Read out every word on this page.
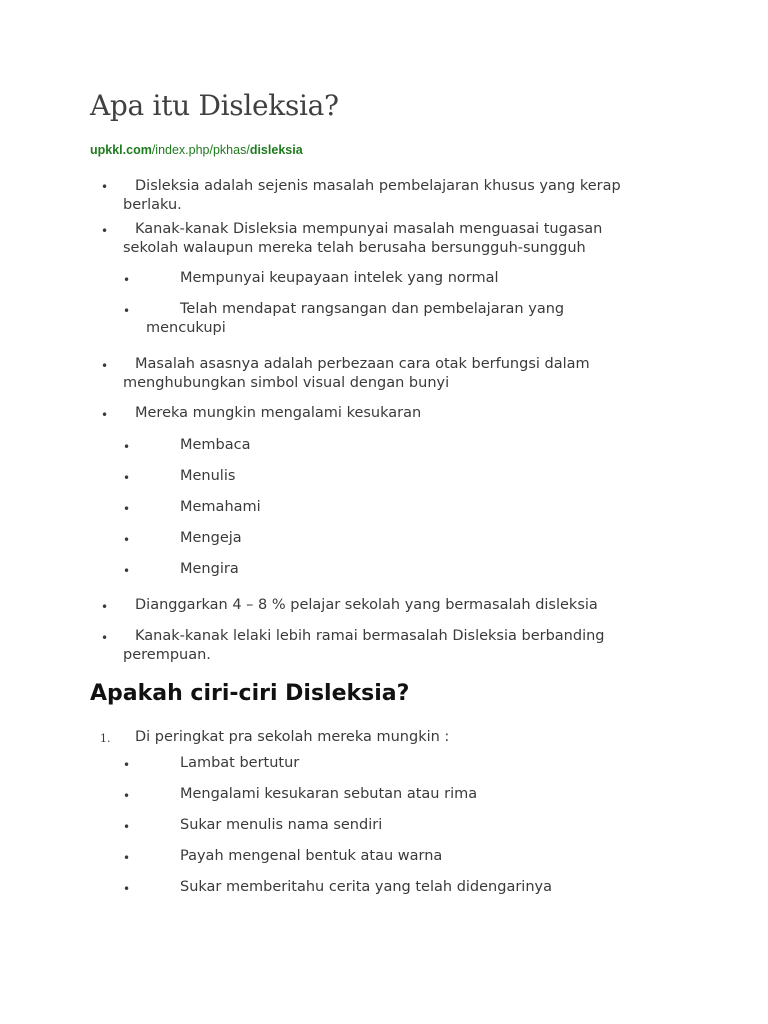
Apa itu Disleksia?
upkkl.com/index.php/pkhas/disleksia
•	Disleksia adalah sejenis masalah pembelajaran khusus yang kerap berlaku.
•	Kanak-kanak Disleksia mempunyai masalah menguasai tugasan sekolah walaupun mereka telah berusaha bersungguh-sungguh
•	Mempunyai keupayaan intelek yang normal
•	Telah mendapat rangsangan dan pembelajaran yang mencukupi
•	Masalah asasnya adalah perbezaan cara otak berfungsi dalam menghubungkan simbol visual dengan bunyi
•	Mereka mungkin mengalami kesukaran
•	Membaca
•	Menulis
•	Memahami
•	Mengeja
•	Mengira
•	Dianggarkan 4 – 8 % pelajar sekolah yang bermasalah disleksia
•	Kanak-kanak lelaki lebih ramai bermasalah Disleksia berbanding perempuan.
Apakah ciri-ciri Disleksia?
1.	Di peringkat pra sekolah mereka mungkin :
•	Lambat bertutur
•	Mengalami kesukaran sebutan atau rima
•	Sukar menulis nama sendiri
•	Payah mengenal bentuk atau warna
•	Sukar memberitahu cerita yang telah didengarinya
